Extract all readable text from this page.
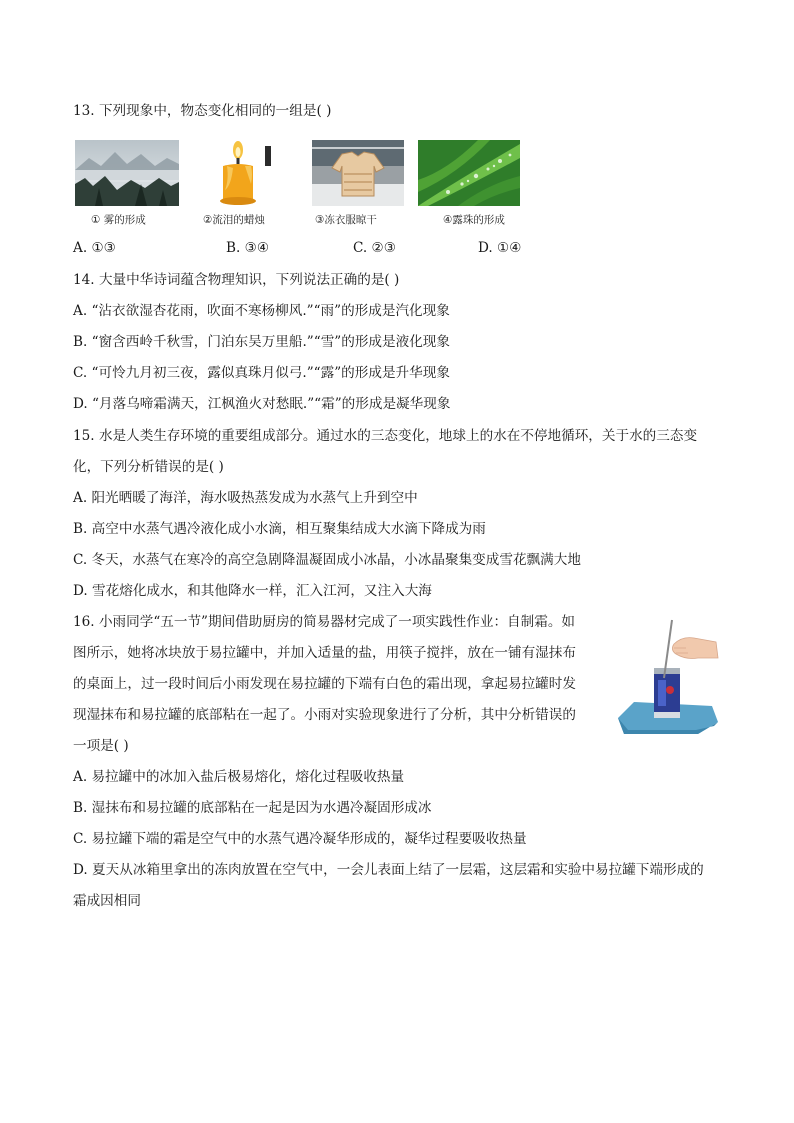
13. 下列现象中，物态变化相同的一组是( )
① 雾的形成	②流泪的蜡烛	③冻衣服晾干	④露珠的形成
A. ①③	B. ③④	C. ②③	D. ①④
14. 大量中华诗词蕴含物理知识，下列说法正确的是( )
A. “沾衣欲湿杏花雨，吹面不寒杨柳风.”“雨”的形成是汽化现象
B. “窗含西岭千秋雪，门泊东吴万里船.”“雪”的形成是液化现象
C. “可怜九月初三夜，露似真珠月似弓.”“露”的形成是升华现象
D. “月落乌啼霜满天，江枫渔火对愁眠.”“霜”的形成是凝华现象
15. 水是人类生存环境的重要组成部分。通过水的三态变化，地球上的水在不停地循环，关于水的三态变
化，下列分析错误的是( )
A. 阳光晒暖了海洋，海水吸热蒸发成为水蒸气上升到空中
B. 高空中水蒸气遇冷液化成小水滴，相互聚集结成大水滴下降成为雨
C. 冬天，水蒸气在寒冷的高空急剧降温凝固成小冰晶，小冰晶聚集变成雪花飘满大地
D. 雪花熔化成水，和其他降水一样，汇入江河，又注入大海
16. 小雨同学“五一节”期间借助厨房的简易器材完成了一项实践性作业：自制霜。如
图所示，她将冰块放于易拉罐中，并加入适量的盐，用筷子搅拌，放在一铺有湿抹布
的桌面上，过一段时间后小雨发现在易拉罐的下端有白色的霜出现，拿起易拉罐时发
现湿抹布和易拉罐的底部粘在一起了。小雨对实验现象进行了分析，其中分析错误的
一项是( )
A. 易拉罐中的冰加入盐后极易熔化，熔化过程吸收热量
B. 湿抹布和易拉罐的底部粘在一起是因为水遇冷凝固形成冰
C. 易拉罐下端的霜是空气中的水蒸气遇冷凝华形成的，凝华过程要吸收热量
D. 夏天从冰箱里拿出的冻肉放置在空气中，一会儿表面上结了一层霜，这层霜和实验中易拉罐下端形成的
霜成因相同
